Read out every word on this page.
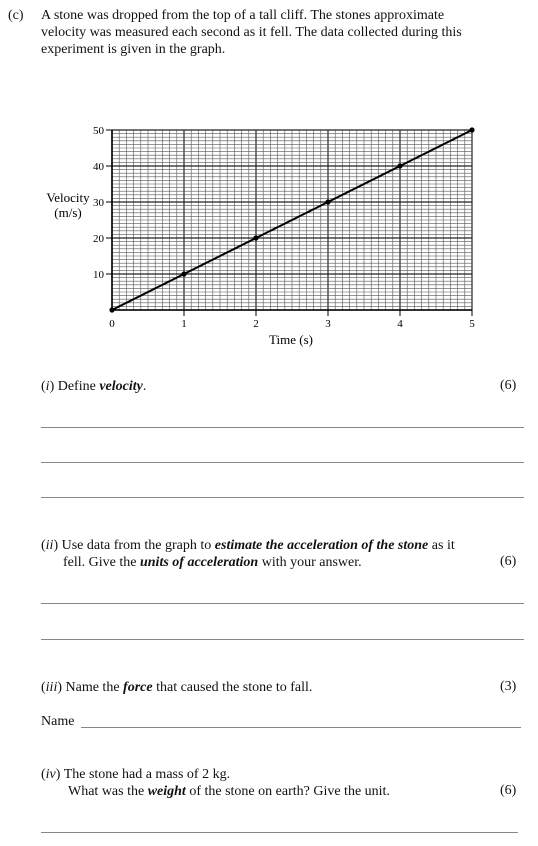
(c) A stone was dropped from the top of a tall cliff. The stones approximate
velocity was measured each second as it fell. The data collected during this
experiment is given in the graph.
10
20
30
40
50
0	1	2	3	4	5
Velocity
(m/s)
Time (s)
(i) Define velocity.	(6)
(ii) Use data from the graph to estimate the acceleration of the stone as it
fell. Give the units of acceleration with your answer.	(6)
(iii) Name the force that caused the stone to fall.	(3)
Name
(iv) The stone had a mass of 2 kg.
What was the weight of the stone on earth? Give the unit.	(6)
